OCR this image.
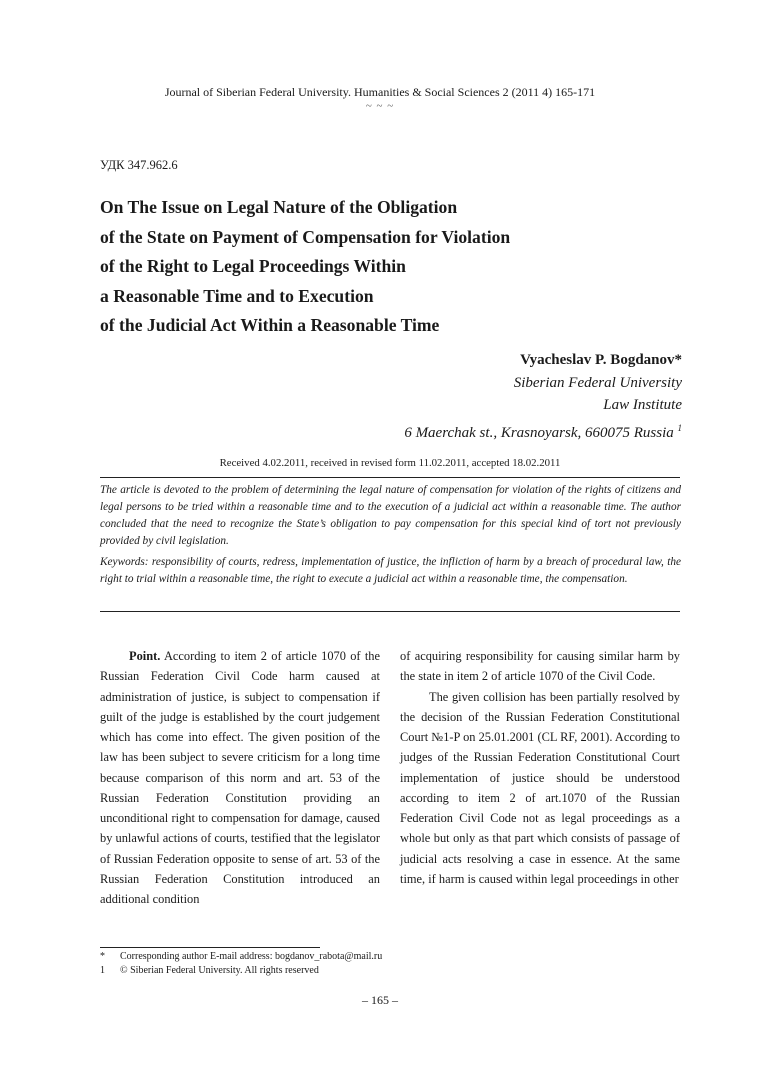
Journal of Siberian Federal University. Humanities & Social Sciences 2 (2011 4) 165-171
~ ~ ~
УДК 347.962.6
On The Issue on Legal Nature of the Obligation
of the State on Payment of Compensation for Violation
of the Right to Legal Proceedings Within
a Reasonable Time and to Execution
of the Judicial Act Within a Reasonable Time
Vyacheslav P. Bogdanov*
Siberian Federal University
Law Institute
6 Maerchak st., Krasnoyarsk, 660075 Russia $^1$
Received 4.02.2011, received in revised form 11.02.2011, accepted 18.02.2011

The article is devoted to the problem of determining the legal nature of compensation for violation of the rights of citizens and legal persons to be tried within a reasonable time and to the execution of a judicial act within a reasonable time. The author concluded that the need to recognize the State’s obligation to pay compensation for this special kind of tort not previously provided by civil legislation.

Keywords: responsibility of courts, redress, implementation of justice, the infliction of harm by a breach of procedural law, the right to trial within a reasonable time, the right to execute a judicial act within a reasonable time, the compensation.

Point. According to item 2 of article 1070 of the Russian Federation Civil Code harm caused at administration of justice, is subject to compensation if guilt of the judge is established by the court judgement which has come into effect. The given position of the law has been subject to severe criticism for a long time because comparison of this norm and art. 53 of the Russian Federation Constitution providing an unconditional right to compensation for damage, caused by unlawful actions of courts, testified that the legislator of Russian Federation opposite to sense of art. 53 of the Russian Federation Constitution introduced an additional condition

of acquiring responsibility for causing similar harm by the state in item 2 of article 1070 of the Civil Code.

The given collision has been partially resolved by the decision of the Russian Federation Constitutional Court №1-P on 25.01.2001 (CL RF, 2001). According to judges of the Russian Federation Constitutional Court implementation of justice should be understood according to item 2 of art.1070 of the Russian Federation Civil Code not as legal proceedings as a whole but only as that part which consists of passage of judicial acts resolving a case in essence. At the same time, if harm is caused within legal proceedings in other

* Corresponding author E-mail address: bogdanov_rabota@mail.ru
1 © Siberian Federal University. All rights reserved
– 165 –
